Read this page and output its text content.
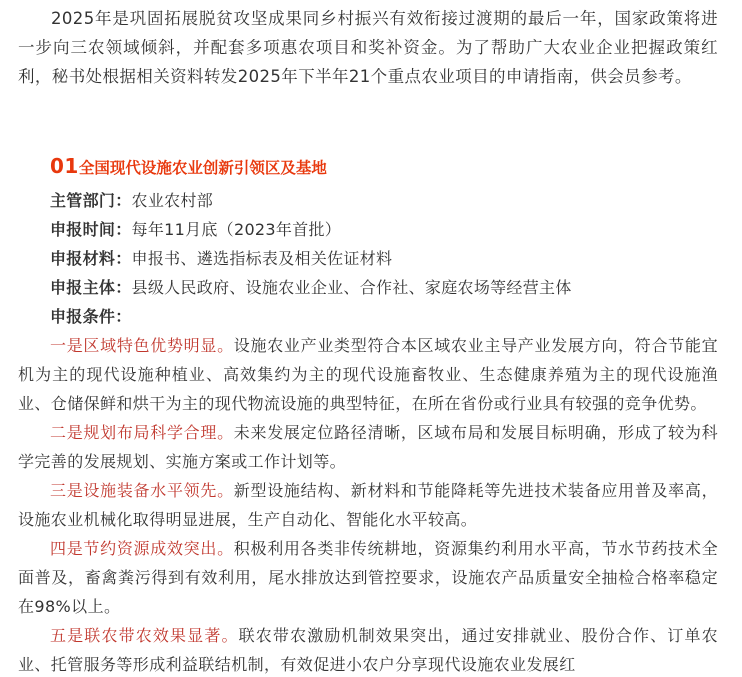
2025年是巩固拓展脱贫攻坚成果同乡村振兴有效衔接过渡期的最后一年，国家政策将进一步向三农领域倾斜，并配套多项惠农项目和奖补资金。为了帮助广大农业企业把握政策红利，秘书处根据相关资料转发2025年下半年21个重点农业项目的申请指南，供会员参考。

01全国现代设施农业创新引领区及基地

主管部门：农业农村部

申报时间：每年11月底（2023年首批）

申报材料：申报书、遴选指标表及相关佐证材料

申报主体：县级人民政府、设施农业企业、合作社、家庭农场等经营主体

申报条件：

一是区域特色优势明显。设施农业产业类型符合本区域农业主导产业发展方向，符合节能宜机为主的现代设施种植业、高效集约为主的现代设施畜牧业、生态健康养殖为主的现代设施渔业、仓储保鲜和烘干为主的现代物流设施的典型特征，在所在省份或行业具有较强的竞争优势。

二是规划布局科学合理。未来发展定位路径清晰，区域布局和发展目标明确，形成了较为科学完善的发展规划、实施方案或工作计划等。

三是设施装备水平领先。新型设施结构、新材料和节能降耗等先进技术装备应用普及率高，设施农业机械化取得明显进展，生产自动化、智能化水平较高。

四是节约资源成效突出。积极利用各类非传统耕地，资源集约利用水平高，节水节药技术全面普及，畜禽粪污得到有效利用，尾水排放达到管控要求，设施农产品质量安全抽检合格率稳定在98%以上。

五是联农带农效果显著。联农带农激励机制效果突出，通过安排就业、股份合作、订单农业、托管服务等形成利益联结机制，有效促进小农户分享现代设施农业发展红
